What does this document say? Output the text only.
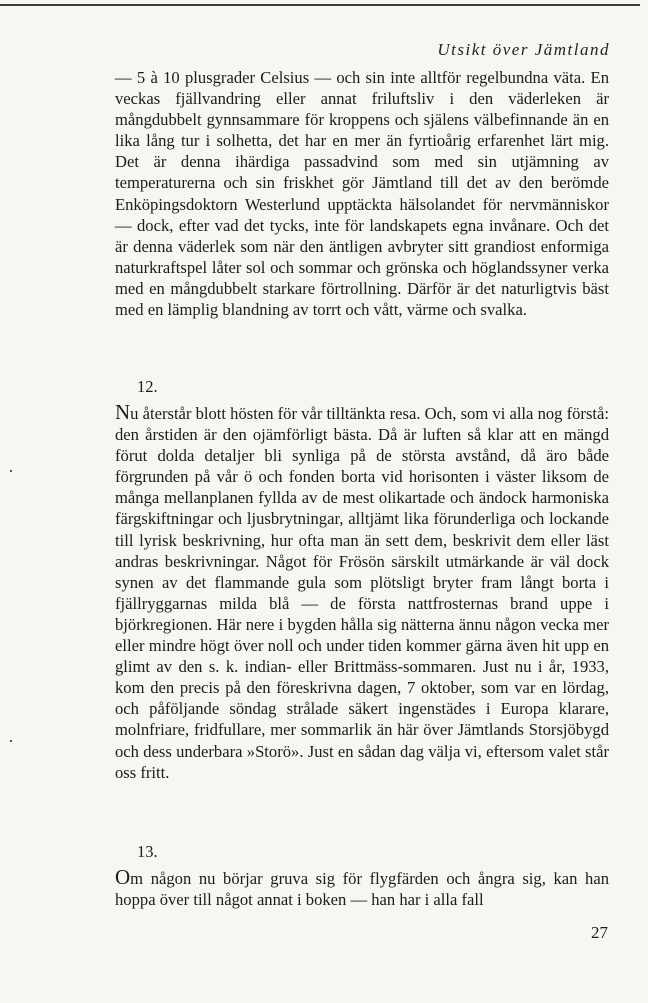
Utsikt över Jämtland

— 5 à 10 plusgrader Celsius — och sin inte alltför regelbundna väta. En veckas fjällvandring eller annat friluftsliv i den väderleken är mångdubbelt gynnsammare för kroppens och själens välbefinnande än en lika lång tur i solhetta, det har en mer än fyrtioårig erfarenhet lärt mig. Det är denna ihärdiga passadvind som med sin utjämning av temperaturerna och sin friskhet gör Jämtland till det av den berömde Enköpingsdoktorn Westerlund upptäckta hälsolandet för nervmänniskor — dock, efter vad det tycks, inte för landskapets egna invånare. Och det är denna väderlek som när den äntligen avbryter sitt grandiost enformiga naturkraftspel låter sol och sommar och grönska och höglandssyner verka med en mångdubbelt starkare förtrollning. Därför är det naturligtvis bäst med en lämplig blandning av torrt och vått, värme och svalka.

12.

Nu återstår blott hösten för vår tilltänkta resa. Och, som vi alla nog förstå: den årstiden är den ojämförligt bästa. Då är luften så klar att en mängd förut dolda detaljer bli synliga på de största avstånd, då äro både förgrunden på vår ö och fonden borta vid horisonten i väster liksom de många mellanplanen fyllda av de mest olikartade och ändock harmoniska färgskiftningar och ljusbrytningar, alltjämt lika förunderliga och lockande till lyrisk beskrivning, hur ofta man än sett dem, beskrivit dem eller läst andras beskrivningar. Något för Frösön särskilt utmärkande är väl dock synen av det flammande gula som plötsligt bryter fram långt borta i fjällryggarnas milda blå — de första nattfrosternas brand uppe i björkregionen. Här nere i bygden hålla sig nätterna ännu någon vecka mer eller mindre högt över noll och under tiden kommer gärna även hit upp en glimt av den s. k. indian- eller Brittmäss-sommaren. Just nu i år, 1933, kom den precis på den föreskrivna dagen, 7 oktober, som var en lördag, och påföljande söndag strålade säkert ingenstädes i Europa klarare, molnfriare, fridfullare, mer sommarlik än här över Jämtlands Storsjöbygd och dess underbara »Storö». Just en sådan dag välja vi, eftersom valet står oss fritt.

13.

Om någon nu börjar gruva sig för flygfärden och ångra sig, kan han hoppa över till något annat i boken — han har i alla fall

27
